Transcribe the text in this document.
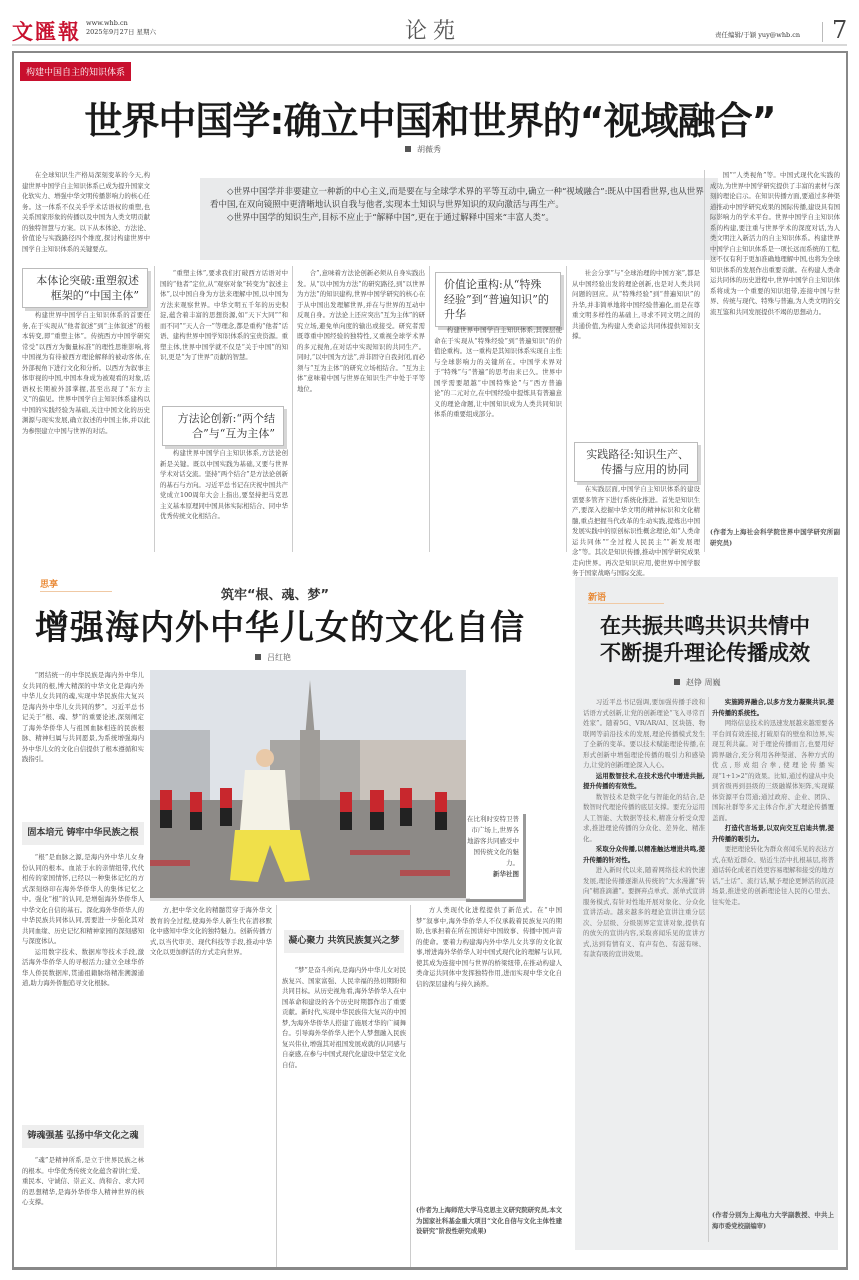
文匯報 www.whb.cn
2025年9月27日 星期六	论苑	责任编辑/于颖 yuy@whb.cn 7
构建中国自主的知识体系
世界中国学:确立中国和世界的“视域融合”
胡薇秀

◇世界中国学并非要建立一种新的中心主义,而是要在与全球学术界的平等互动中,确立一种“视域融合”:既从中国看世界,也从世界看中国,在双向镜照中更清晰地认识自我与他者,实现本土知识与世界知识的双向激活与再生产。

◇世界中国学的知识生产,目标不应止于“解释中国”,更在于通过解释中国来“丰富人类”。

在全球知识生产格局深刻变革的今天,构建世界中国学自主知识体系已成为提升国家文化软实力、增强中华文明传播影响力的核心任务。这一体系不仅关乎学术话语权的重塑,也关系国家形象的传播以及中国为人类文明贡献的独特智慧与方案。以下从本体论、方法论、价值论与实践路径四个维度,探讨构建世界中国学自主知识体系的关键要点。

本体论突破:重塑叙述框架的“中国主体”

构建世界中国学自主知识体系的首要任务,在于实现从“他者叙述”到“主体叙述”的根本转变,即“重塑主体”。传统西方中国学研究常受“以西方为衡量标准”的理性思维影响,将中国视为有待被西方理论解释的被动客体,在外部视角下进行文化和分析。以西方为叙事主体审视的中国,中国本身成为被观看的对象,话语权长期被外部掌握,甚至出现了“东方主义”的偏见。世界中国学自主知识体系建构以中国的实践经验为基础,关注中国文化的历史渊源与现实发展,确立叙述的中国主体,并以此为参照建立中国与世界的对话。

“重塑主体”,要求我们打破西方话语对中国的“他者”定位,从“观察对象”转变为“叙述主体”,以中国自身为方法来理解中国,以中国为方法来观察世界。中华文明五千年的历史积淀,蕴含着丰富的思想资源,如“天下大同”“和而不同”“天人合一”等理念,都是重构“他者”话语、建构世界中国学知识体系的宝贵资源。重塑主体,世界中国学就不仅是“关于中国”的知识,更是“为了世界”贡献的智慧。

方法论创新:“两个结合”与“互为主体”

构建世界中国学自主知识体系,方法论创新是关键。既以中国实践为基础,又要与世界学术对话交流。坚持“两个结合”是方法论创新的基石与方向。习近平总书记在庆祝中国共产党成立100周年大会上指出,要坚持把马克思主义基本原理同中国具体实际相结合、同中华优秀传统文化相结合。

合”,意味着方法论创新必须从自身实践出发。从“以中国为方法”的研究路径,到“以世界为方法”的知识建构,世界中国学研究的核心在于从中国出发理解世界,并在与世界的互动中反观自身。方法论上还应突出“互为主体”的研究立场,避免单向度的输出或接受。研究者需既尊重中国经验的独特性,又重视全球学术界的多元视角,在对话中实现知识的共同生产。同时,“以中国为方法”,并非固守自我封闭,而必须与“互为主体”的研究立场相结合。“互为主体”意味着中国与世界在知识生产中处于平等地位。

价值论重构:从“特殊经验”到“普遍知识”的升华

构建世界中国学自主知识体系,其深层使命在于实现从“特殊经验”到“普遍知识”的价值论重构。这一重构是其知识体系实现自主性与全球影响力的关键所在。中国学术界对于“特殊”与“普遍”的思考由来已久。世界中国学需要超越“中国特殊论”与“西方普遍论”的二元对立,在中国经验中提炼具有普遍意义的理论命题,让中国知识成为人类共同知识体系的重要组成部分。

社会分享”与“全球治理的中国方案”,都是从中国经验出发的理论创新,也是对人类共同问题的回应。从“特殊经验”到“普遍知识”的升华,并非简单地将中国经验普遍化,而是在尊重文明多样性的基础上,寻求不同文明之间的共通价值,为构建人类命运共同体提供知识支撑。

实践路径:知识生产、传播与应用的协同

在实践层面,中国学自主知识体系的建设需要多管齐下进行系统化推进。首先是知识生产,要深入挖掘中华文明的精神标识和文化精髓,重点把握当代改革的生动实践,提炼出中国发展实践中的原创标识性概念理论,如“人类命运共同体”“全过程人民民主”“新发展理念”等。其次是知识传播,推动中国学研究成果走向世界。再次是知识应用,使世界中国学服务于国家战略与国际交流。

国”“人类视角”等。中国式现代化实践的成功,为世界中国学研究提供了丰富的素材与深刻的理论启示。在知识传播方面,要通过多种渠道推动中国学研究成果的国际传播,建设具有国际影响力的学术平台。世界中国学自主知识体系的构建,要注重与世界学术的深度对话,为人类文明注入新活力的自主知识体系。构建世界中国学自主知识体系是一项长远而系统的工程,这不仅有利于更加准确地理解中国,也将为全球知识体系的发展作出重要贡献。在构建人类命运共同体的历史进程中,世界中国学自主知识体系将成为一个重要的知识纽带,连接中国与世界、传统与现代、特殊与普遍,为人类文明的交流互鉴和共同发展提供不竭的思想动力。

(作者为上海社会科学院世界中国学研究所副研究员)
思享
筑牢“根、魂、梦”
增强海内外中华儿女的文化自信
吕红艳

“团结统一的中华民族是海内外中华儿女共同的根,博大精深的中华文化是海内外中华儿女共同的魂,实现中华民族伟大复兴是海内外中华儿女共同的梦”。习近平总书记关于“根、魂、梦”的重要论述,深刻阐定了海外华侨华人与祖国血脉相连的民族根脉、精神归属与共同愿景,为系统增强海内外中华儿女的文化自信提供了根本遵循和实践指引。

固本培元 铸牢中华民族之根

“根”是血脉之源,是海内外中华儿女身份认同的根本。血浓于水的亲情纽带,代代相传的家国情怀,已经以一种集体记忆的方式深刻烙印在海外华侨华人的集体记忆之中。强化“根”的认同,是增强海外华侨华人中华文化自信的基石。深化海外华侨华人的中华民族共同体认同,需要进一步强化其对共同血缘、历史记忆和精神家园的深刻感知与深度体认。

运用数字技术、数据库等技术手段,激活海外华侨华人的寻根活力;建立全球华侨华人侨民数据库,贯通祖籍脉络精准溯源通道,助力海外侨胞追寻文化根脉。

铸魂强基 弘扬中华文化之魂

“魂”是精神所系,是立于世界民族之林的根本。中华优秀传统文化蕴含着讲仁爱、重民本、守诚信、崇正义、尚和合、求大同的思想精华,是海外华侨华人精神世界的核心支撑。

在比利时安特卫普市广场上,世界各地游客共同感受中国传统文化的魅力。
新华社图

方,把中华文化的精髓贯穿于海外华文教育的全过程,使海外华人新生代在潜移默化中感知中华文化的独特魅力。创新传播方式,以当代审美、现代科技等手段,推动中华文化以更加鲜活的方式走向世界。

凝心聚力 共筑民族复兴之梦

“梦”是奋斗所向,是海内外中华儿女对民族复兴、国家富强、人民幸福的热切期盼和共同目标。从历史视角看,海外华侨华人在中国革命和建设的各个历史时期都作出了重要贡献。新时代,实现中华民族伟大复兴的中国梦,为海外华侨华人搭建了施展才华的广阔舞台。引导海外华侨华人把个人梦想融入民族复兴伟业,增强其对祖国发展成就的认同感与自豪感,在参与中国式现代化建设中坚定文化自信。

方人类现代化进程提供了新范式。在“中国梦”叙事中,海外华侨华人不仅承载着民族复兴的期盼,也承担着在所在国讲好中国故事、传播中国声音的使命。要着力构建海内外中华儿女共享的文化叙事,增进海外华侨华人对中国式现代化的理解与认同,使其成为连接中国与世界的桥梁纽带,在推动构建人类命运共同体中发挥独特作用,进而实现中华文化自信的深层建构与持久涵养。

(作者为上海师范大学马克思主义研究院研究员,本文为国家社科基金重大项目“文化自信与文化主体性建设研究”阶段性研究成果)
新语
在共振共鸣共识共情中
不断提升理论传播成效
赵铮 周巍

习近平总书记强调,要加强传播手段和话语方式创新,让党的创新理论“飞入寻常百姓家”。随着5G、VR/AR/AI、区块链、物联网等前沿技术的发展,理论传播模式发生了全新的变革。要以技术赋能理论传播,在形式创新中增强理论传播的吸引力和感染力,让党的创新理论深入人心。

运用数智技术,在技术迭代中增进共振,提升传播的有效性。

数智技术是数字化与智能化的结合,是数智时代理论传播的底层支撑。要充分运用人工智能、大数据等技术,精准分析受众需求,推进理论传播的分众化、差异化、精准化。

采取分众传播,以精准触达增进共鸣,提升传播的针对性。

进入新时代以来,随着网络技术的快速发展,理论传播逐渐从传统的“大水漫灌”转向“精准滴灌”。要摒弃点单式、派单式宣讲服务模式,有针对性地开展对象化、分众化宣讲活动。越来越多的理论宣讲注重分层次、分层级、分级别界定宣讲对象,提供有的放矢的宣讲内容,采取喜闻乐见的宣讲方式,达到有情有义、有声有色、有滋有味、有款有吸的宣讲效果。

实施跨界融合,以多方发力凝聚共识,提升传播的系统性。

网络信息技术的迅速发展越来越需要各平台间有效连接,打破原有的壁垒和边界,实现互利共赢。对于理论传播而言,也要用好跨界融合,充分利用各种渠道、各种方式的优点,形成组合拳,使理论传播实现“1+1>2”的效果。比如,通过构建从中央到省级再到县级的三级融媒体矩阵,实现媒体资源平台贯通;通过政府、企业、团队、国际社群等多元主体合作,扩大理论传播覆盖面。

打造代言场景,以双向交互启迪共情,提升传播的吸引力。

要把理论转化为群众喜闻乐见的表达方式,在贴近群众、贴近生活中扎根基层,将普通话转化成老百姓更容易理解和接受的地方话,“土话”、流行话,赋予理论更鲜活的沉浸场景,推进党的创新理论往人民的心里去、往实处走。

(作者分别为上海电力大学副教授、中共上海市委党校副编审)
